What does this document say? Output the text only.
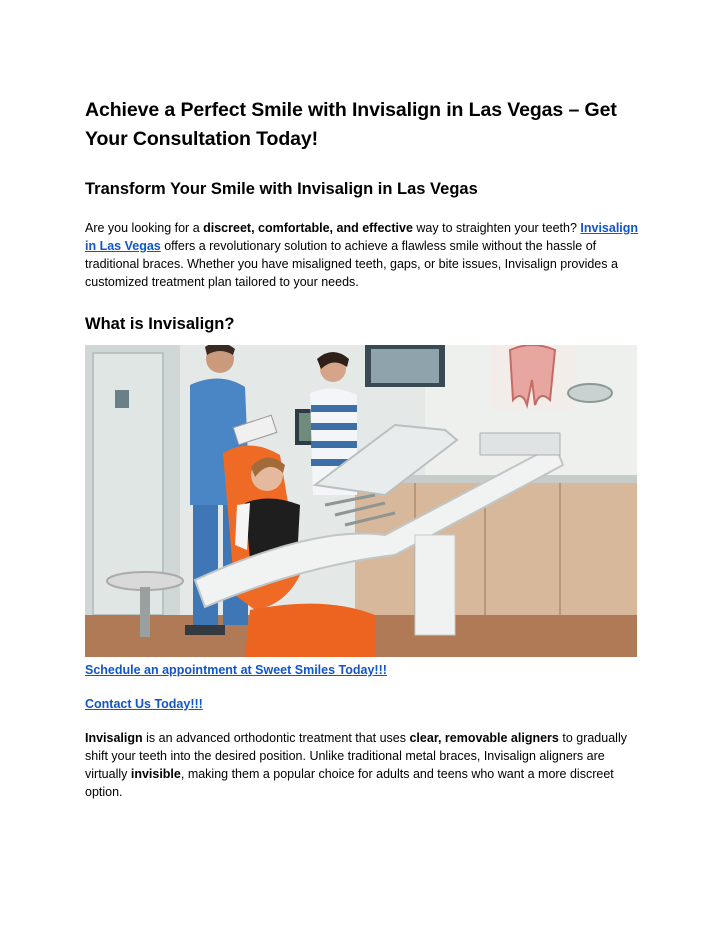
Achieve a Perfect Smile with Invisalign in Las Vegas – Get Your Consultation Today!
Transform Your Smile with Invisalign in Las Vegas

Are you looking for a discreet, comfortable, and effective way to straighten your teeth? Invisalign in Las Vegas offers a revolutionary solution to achieve a flawless smile without the hassle of traditional braces. Whether you have misaligned teeth, gaps, or bite issues, Invisalign provides a customized treatment plan tailored to your needs.

What is Invisalign?

Schedule an appointment at Sweet Smiles Today!!!

Contact Us Today!!!

Invisalign is an advanced orthodontic treatment that uses clear, removable aligners to gradually shift your teeth into the desired position. Unlike traditional metal braces, Invisalign aligners are virtually invisible, making them a popular choice for adults and teens who want a more discreet option.
